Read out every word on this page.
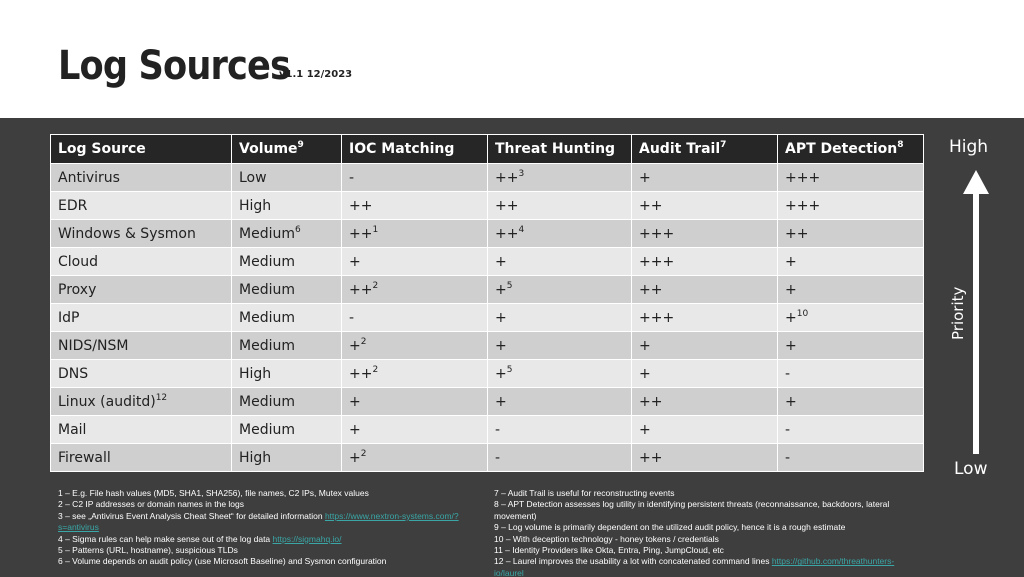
Log Sources
v1.1 12/2023
Log Source	Volume$^9$	IOC Matching	Threat Hunting	Audit Trail$^7$	APT Detection$^8$
Antivirus	Low	-	++$^3$	+	+++
EDR	High	++	++	++	+++
Windows & Sysmon	Medium$^6$	++$^1$	++$^4$	+++	++
Cloud	Medium	+	+	+++	+
Proxy	Medium	++$^2$	+$^5$	++	+
IdP	Medium	-	+	+++	+$^{10}$
NIDS/NSM	Medium	+$^2$	+	+	+
DNS	High	++$^2$	+$^5$	+	-
Linux (auditd)$^{12}$	Medium	+	+	++	+
Mail	Medium	+	-	+	-
Firewall	High	+$^2$	-	++	-
High
Priority
Low
1 – E.g. File hash values (MD5, SHA1, SHA256), file names, C2 IPs, Mutex values
2 – C2 IP addresses or domain names in the logs
3 – see „Antivirus Event Analysis Cheat Sheet“ for detailed information https://www.nextron-systems.com/?s=antivirus
4 – Sigma rules can help make sense out of the log data https://sigmahq.io/
5 – Patterns (URL, hostname), suspicious TLDs
6 – Volume depends on audit policy (use Microsoft Baseline) and Sysmon configuration
7 – Audit Trail is useful for reconstructing events
8 – APT Detection assesses log utility in identifying persistent threats (reconnaissance, backdoors, lateral movement)
9 – Log volume is primarily dependent on the utilized audit policy, hence it is a rough estimate
10 – With deception technology - honey tokens / credentials
11 – Identity Providers like Okta, Entra, Ping, JumpCloud, etc
12 – Laurel improves the usability a lot with concatenated command lines https://github.com/threathunters-io/laurel
